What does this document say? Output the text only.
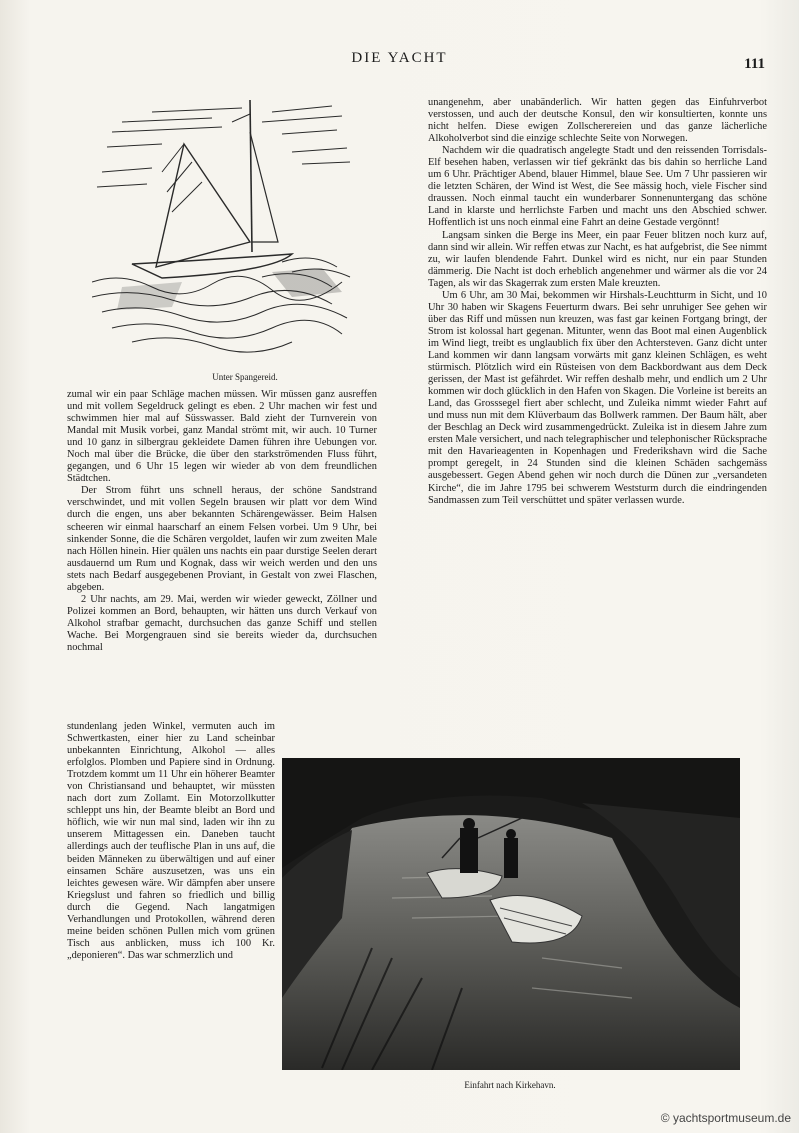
DIE YACHT	111
Unter Spangereid.

zumal wir ein paar Schläge machen müssen. Wir müssen ganz ausreffen und mit vollem Segeldruck gelingt es eben. 2 Uhr machen wir fest und schwimmen hier mal auf Süsswasser. Bald zieht der Turnverein von Mandal mit Musik vorbei, ganz Mandal strömt mit, wir auch. 10 Turner und 10 ganz in silbergrau gekleidete Damen führen ihre Uebungen vor. Noch mal über die Brücke, die über den starkströmenden Fluss führt, gegangen, und 6 Uhr 15 legen wir wieder ab von dem freundlichen Städtchen.

Der Strom führt uns schnell heraus, der schöne Sandstrand verschwindet, und mit vollen Segeln brausen wir platt vor dem Wind durch die engen, uns aber bekannten Schärengewässer. Beim Halsen scheeren wir einmal haarscharf an einem Felsen vorbei. Um 9 Uhr, bei sinkender Sonne, die die Schären vergoldet, laufen wir zum zweiten Male nach Höllen hinein. Hier quälen uns nachts ein paar durstige Seelen derart ausdauernd um Rum und Kognak, dass wir weich werden und den uns stets nach Bedarf ausgegebenen Proviant, in Gestalt von zwei Flaschen, abgeben.

2 Uhr nachts, am 29. Mai, werden wir wieder geweckt, Zöllner und Polizei kommen an Bord, behaupten, wir hätten uns durch Verkauf von Alkohol strafbar gemacht, durchsuchen das ganze Schiff und stellen Wache. Bei Morgengrauen sind sie bereits wieder da, durchsuchen nochmal

stundenlang jeden Winkel, vermuten auch im Schwertkasten, einer hier zu Land scheinbar unbekannten Einrichtung, Alkohol — alles erfolglos. Plomben und Papiere sind in Ordnung. Trotzdem kommt um 11 Uhr ein höherer Beamter von Christiansand und behauptet, wir müssten nach dort zum Zollamt. Ein Motorzollkutter schleppt uns hin, der Beamte bleibt an Bord und höflich, wie wir nun mal sind, laden wir ihn zu unserem Mittagessen ein. Daneben taucht allerdings auch der teuflische Plan in uns auf, die beiden Männeken zu überwältigen und auf einer einsamen Schäre auszusetzen, was uns ein leichtes gewesen wäre. Wir dämpfen aber unsere Kriegslust und fahren so friedlich und billig durch die Gegend. Nach langatmigen Verhandlungen und Protokollen, während deren meine beiden schönen Pullen mich vom grünen Tisch aus anblicken, muss ich 100 Kr. „deponieren“. Das war schmerzlich und

unangenehm, aber unabänderlich. Wir hatten gegen das Einfuhrverbot verstossen, und auch der deutsche Konsul, den wir konsultierten, konnte uns nicht helfen. Diese ewigen Zollscherereien und das ganze lächerliche Alkoholverbot sind die einzige schlechte Seite von Norwegen.

Nachdem wir die quadratisch angelegte Stadt und den reissenden Torrisdals-Elf besehen haben, verlassen wir tief gekränkt das bis dahin so herrliche Land um 6 Uhr. Prächtiger Abend, blauer Himmel, blaue See. Um 7 Uhr passieren wir die letzten Schären, der Wind ist West, die See mässig hoch, viele Fischer sind draussen. Noch einmal taucht ein wunderbarer Sonnenuntergang das schöne Land in klarste und herrlichste Farben und macht uns den Abschied schwer. Hoffentlich ist uns noch einmal eine Fahrt an deine Gestade vergönnt!

Langsam sinken die Berge ins Meer, ein paar Feuer blitzen noch kurz auf, dann sind wir allein. Wir reffen etwas zur Nacht, es hat aufgebrist, die See nimmt zu, wir laufen blendende Fahrt. Dunkel wird es nicht, nur ein paar Stunden dämmerig. Die Nacht ist doch erheblich angenehmer und wärmer als die vor 24 Tagen, als wir das Skagerrak zum ersten Male kreuzten.

Um 6 Uhr, am 30 Mai, bekommen wir Hirshals-Leuchtturm in Sicht, und 10 Uhr 30 haben wir Skagens Feuerturm dwars. Bei sehr unruhiger See gehen wir über das Riff und müssen nun kreuzen, was fast gar keinen Fortgang bringt, der Strom ist kolossal hart gegenan. Mitunter, wenn das Boot mal einen Augenblick im Wind liegt, treibt es unglaublich fix über den Achtersteven. Ganz dicht unter Land kommen wir dann langsam vorwärts mit ganz kleinen Schlägen, es weht stürmisch. Plötzlich wird ein Rüsteisen von dem Backbordwant aus dem Deck gerissen, der Mast ist gefährdet. Wir reffen deshalb mehr, und endlich um 2 Uhr kommen wir doch glücklich in den Hafen von Skagen. Die Vorleine ist bereits an Land, das Grosssegel fiert aber schlecht, und Zuleika nimmt wieder Fahrt auf und muss nun mit dem Klüverbaum das Bollwerk rammen. Der Baum hält, aber der Beschlag an Deck wird zusammengedrückt. Zuleika ist in diesem Jahre zum ersten Male versichert, und nach telegraphischer und telephonischer Rücksprache mit den Havarieagenten in Kopenhagen und Frederikshavn wird die Sache prompt geregelt, in 24 Stunden sind die kleinen Schäden sachgemäss ausgebessert. Gegen Abend gehen wir noch durch die Dünen zur „versandeten Kirche“, die im Jahre 1795 bei schwerem Weststurm durch die eindringenden Sandmassen zum Teil verschüttet und später verlassen wurde.

Einfahrt nach Kirkehavn.
© yachtsportmuseum.de
